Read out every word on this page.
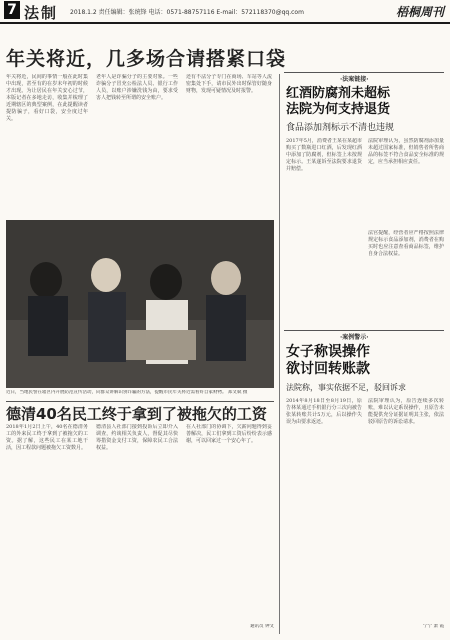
7 法制 2018.1.2 责任编辑：张统锋 电话：0571-88757116 E-mail：572118370@qq.com	梧桐周刊
年关将近，几多场合请搭紧口袋
年关将近，民间的事情一般在此时集中出现，甚至有的在岁末年初的时候才出现。为让居民在年关安心过节，本版记者在多地走访，收集并梳理了近期辖区的典型案例，在此提醒读者提防骗子，看好口袋，安全度过年关。
老年人是诈骗分子的主要对象。一些诈骗分子冒充公检法人员、银行工作人员，以账户涉嫌洗钱为由，要求受害人把钱转至所谓的安全账户。
还有不法分子专门在商场、车站等人流密集处下手，请市民外出时保管好随身财物，发现可疑情况及时报警。
近日，当地民警在辖区内开展防范宣传活动，向群众讲解识别诈骗的方法，提醒市民年关将近需看好自家财物。 郑文斌 摄
德清40名民工终于拿到了被拖欠的工资
2018年1月2日上午，40名在德清务工的外来民工终于拿到了被拖欠的工资。据了解，这些民工在某工地干活，因工程款问题被拖欠工资数月。
德清县人社部门接到投诉后立即介入调查，约谈相关负责人，督促其尽快筹措资金支付工资，保障农民工合法权益。
在人社部门的协调下，欠薪问题得到妥善解决，民工们拿到工资后纷纷表示感谢，可以回家过一个安心年了。
通讯员 钟文
·法案链接·
红酒防腐剂未超标
法院为何支持退货
食品添加剂标示不清也违规
2017年5月，消费者王某在某超市购买了数瓶进口红酒，后发现红酒中添加了防腐剂，但标签上未按规定标示。王某遂诉至法院要求退货并赔偿。
法院审理认为，虽然防腐剂添加量未超过国家标准，但销售者所售商品的标签不符合食品安全标准的规定，应当承担相应责任。
法官提醒，经营者应严格按照法律规定标示食品添加剂，消费者在购买时也应注意查看商品标签，维护自身合法权益。
·案例警示·
女子称误操作
欲讨回转账款
法院称，事实依据不足，驳回诉求
2014年8月18日至8月19日，原告林某通过手机银行分三次向被告张某转账共计5万元，后以操作失误为由要求返还。
法院审理认为，原告连续多次转账，难以认定系误操作，且原告未能提供充分证据证明其主张，依法驳回原告的诉讼请求。
宁宁 萧 霞
